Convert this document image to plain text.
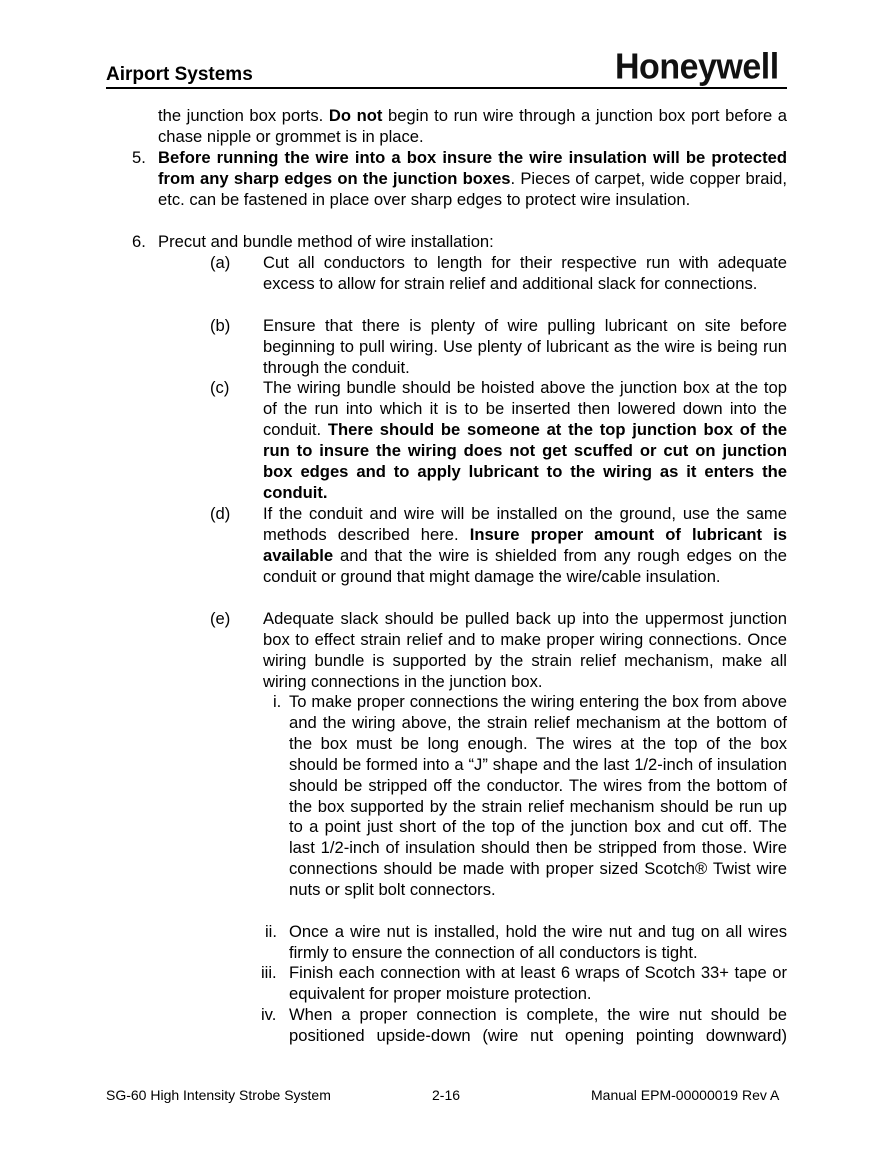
Airport Systems	Honeywell
the junction box ports. Do not begin to run wire through a junction box port before a chase nipple or grommet is in place.
5. Before running the wire into a box insure the wire insulation will be protected from any sharp edges on the junction boxes. Pieces of carpet, wide copper braid, etc. can be fastened in place over sharp edges to protect wire insulation.
6. Precut and bundle method of wire installation:
(a) Cut all conductors to length for their respective run with adequate excess to allow for strain relief and additional slack for connections.
(b) Ensure that there is plenty of wire pulling lubricant on site before beginning to pull wiring. Use plenty of lubricant as the wire is being run through the conduit.
(c) The wiring bundle should be hoisted above the junction box at the top of the run into which it is to be inserted then lowered down into the conduit. There should be someone at the top junction box of the run to insure the wiring does not get scuffed or cut on junction box edges and to apply lubricant to the wiring as it enters the conduit.
(d) If the conduit and wire will be installed on the ground, use the same methods described here. Insure proper amount of lubricant is available and that the wire is shielded from any rough edges on the conduit or ground that might damage the wire/cable insulation.
(e) Adequate slack should be pulled back up into the uppermost junction box to effect strain relief and to make proper wiring connections. Once wiring bundle is supported by the strain relief mechanism, make all wiring connections in the junction box.
i. To make proper connections the wiring entering the box from above and the wiring above, the strain relief mechanism at the bottom of the box must be long enough. The wires at the top of the box should be formed into a “J” shape and the last 1/2-inch of insulation should be stripped off the conductor. The wires from the bottom of the box supported by the strain relief mechanism should be run up to a point just short of the top of the junction box and cut off. The last 1/2-inch of insulation should then be stripped from those. Wire connections should be made with proper sized Scotch® Twist wire nuts or split bolt connectors.
ii. Once a wire nut is installed, hold the wire nut and tug on all wires firmly to ensure the connection of all conductors is tight.
iii. Finish each connection with at least 6 wraps of Scotch 33+ tape or equivalent for proper moisture protection.
iv. When a proper connection is complete, the wire nut should be positioned upside-down (wire nut opening pointing downward)
SG-60 High Intensity Strobe System	2-16	Manual EPM-00000019 Rev A
